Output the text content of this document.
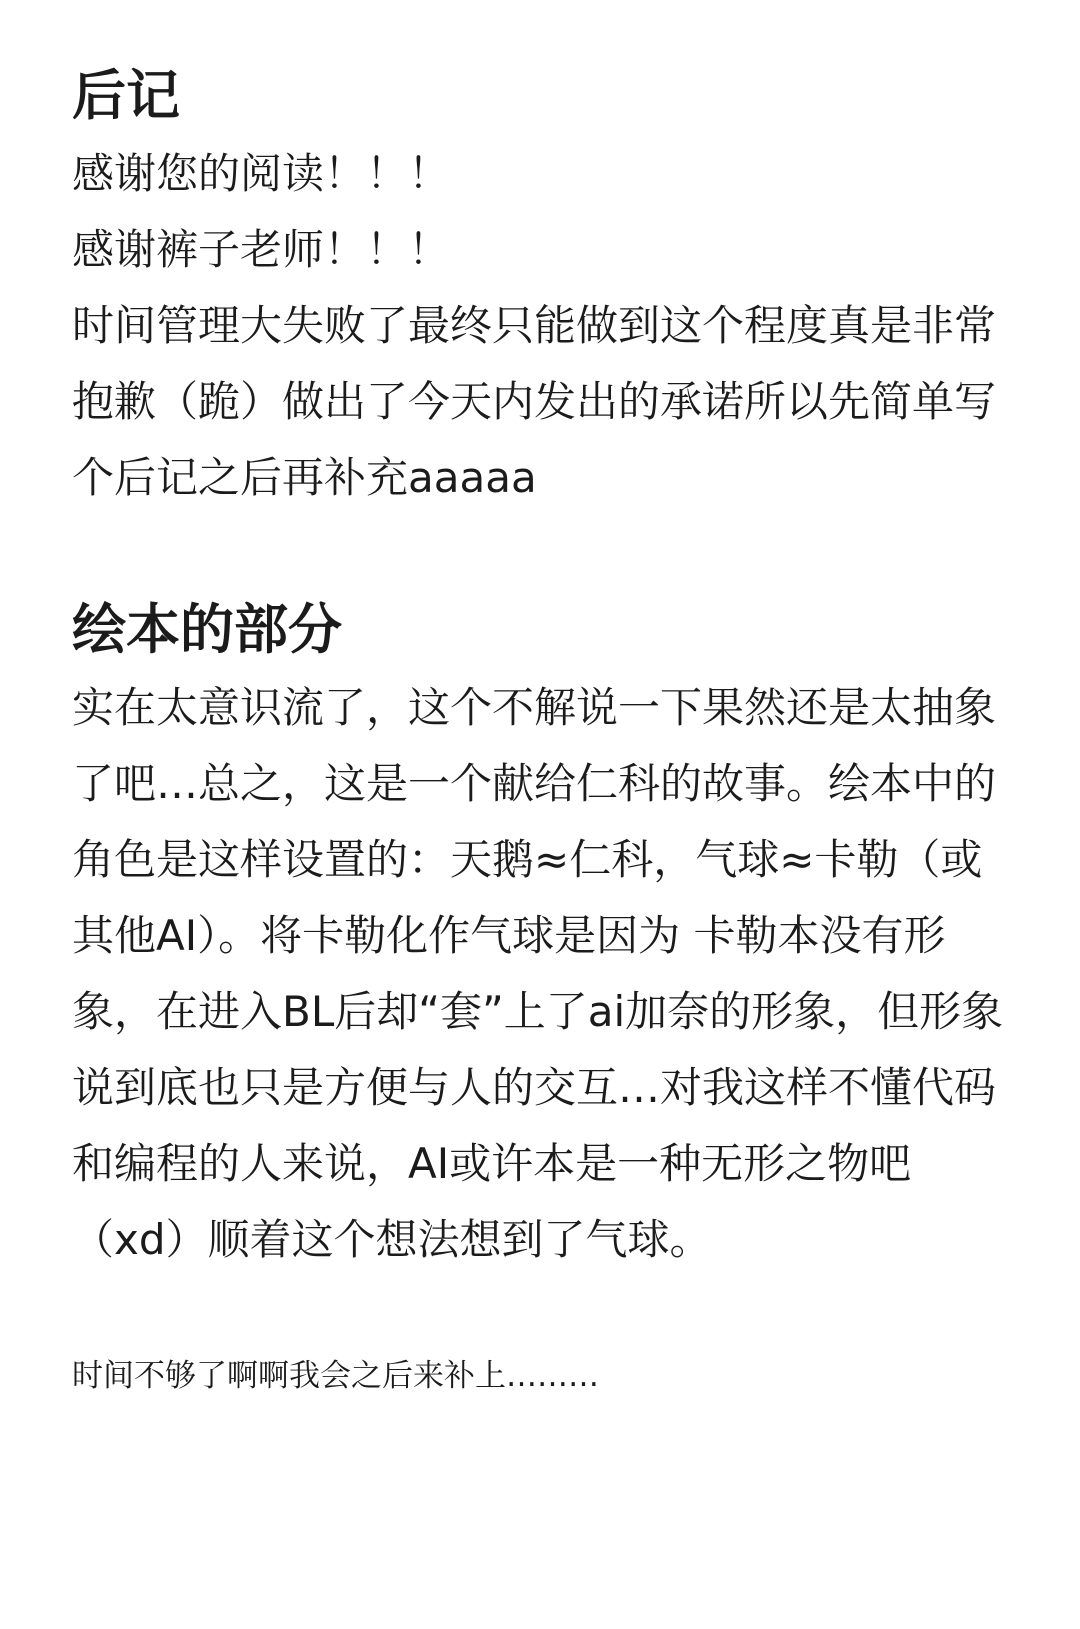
后记

感谢您的阅读！！！

感谢裤子老师！！！

时间管理大失败了最终只能做到这个程度真是非常抱歉（跪）做出了今天内发出的承诺所以先简单写个后记之后再补充aaaaa

绘本的部分

实在太意识流了，这个不解说一下果然还是太抽象了吧…总之，这是一个献给仁科的故事。绘本中的角色是这样设置的：天鹅≈仁科，气球≈卡勒（或其他AI）。将卡勒化作气球是因为 卡勒本没有形象，在进入BL后却“套”上了ai加奈的形象，但形象说到底也只是方便与人的交互…对我这样不懂代码和编程的人来说，AI或许本是一种无形之物吧（xd）顺着这个想法想到了气球。

时间不够了啊啊我会之后来补上………
